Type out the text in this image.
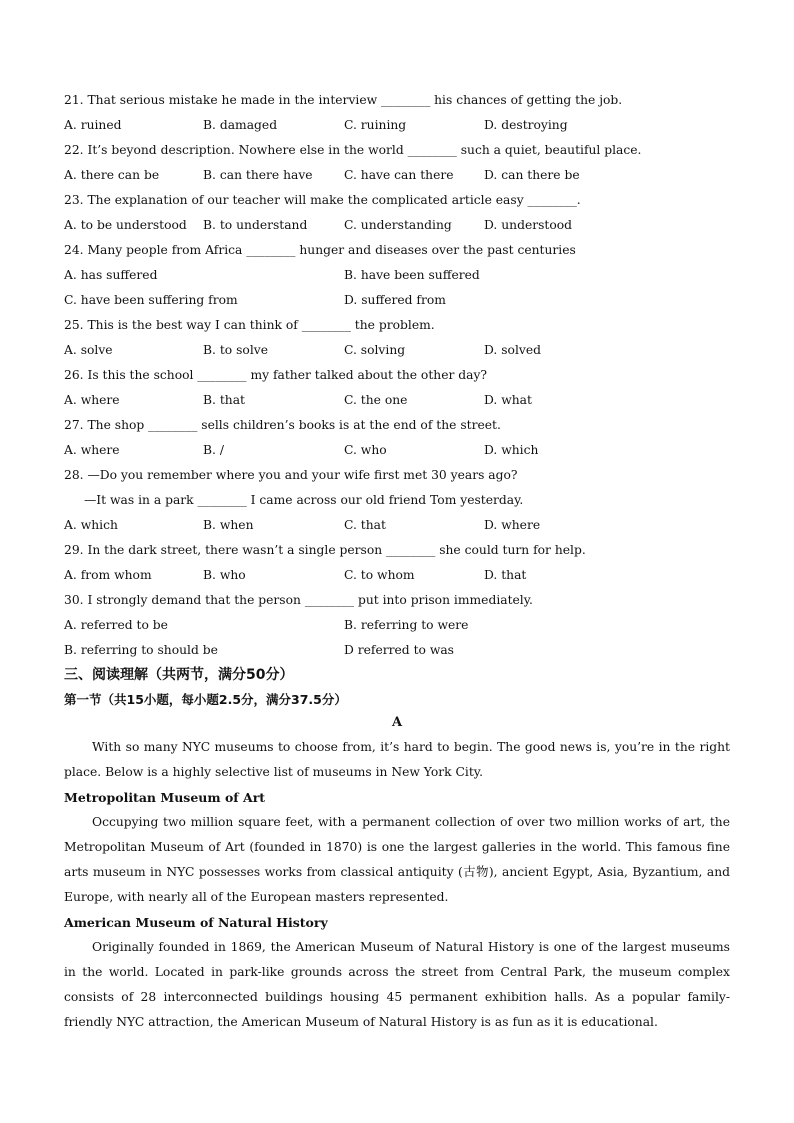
21. That serious mistake he made in the interview ________ his chances of getting the job.
A. ruined	B. damaged	C. ruining	D. destroying
22. It’s beyond description. Nowhere else in the world ________ such a quiet, beautiful place.
A. there can be	B. can there have	C. have can there D. can there be
23. The explanation of our teacher will make the complicated article easy ________.
A. to be understood B. to understand	C. understanding	D. understood
24. Many people from Africa ________ hunger and diseases over the past centuries
A. has suffered	B. have been suffered
C. have been suffering from	D. suffered from
25. This is the best way I can think of ________ the problem.
A. solve	B. to solve	C. solving	D. solved
26. Is this the school ________ my father talked about the other day?
A. where	B. that	C. the one	D. what
27. The shop ________ sells children’s books is at the end of the street.
A. where	B. /	C. who	D. which
28. —Do you remember where you and your wife first met 30 years ago?
—It was in a park ________ I came across our old friend Tom yesterday.
A. which	B. when	C. that	D. where
29. In the dark street, there wasn’t a single person ________ she could turn for help.
A. from whom	B. who	C. to whom	D. that
30. I strongly demand that the person ________ put into prison immediately.
A. referred to be	B. referring to were
B. referring to should be	D referred to was
三、阅读理解（共两节，满分50分）
第一节（共15小题，每小题2.5分，满分37.5分）
A

With so many NYC museums to choose from, it’s hard to begin. The good news is, you’re in the right place. Below is a highly selective list of museums in New York City.

Metropolitan Museum of Art

Occupying two million square feet, with a permanent collection of over two million works of art, the Metropolitan Museum of Art (founded in 1870) is one the largest galleries in the world. This famous fine arts museum in NYC possesses works from classical antiquity (古物), ancient Egypt, Asia, Byzantium, and Europe, with nearly all of the European masters represented.

American Museum of Natural History

Originally founded in 1869, the American Museum of Natural History is one of the largest museums in the world. Located in park-like grounds across the street from Central Park, the museum complex consists of 28 interconnected buildings housing 45 permanent exhibition halls. As a popular family-friendly NYC attraction, the American Museum of Natural History is as fun as it is educational.
